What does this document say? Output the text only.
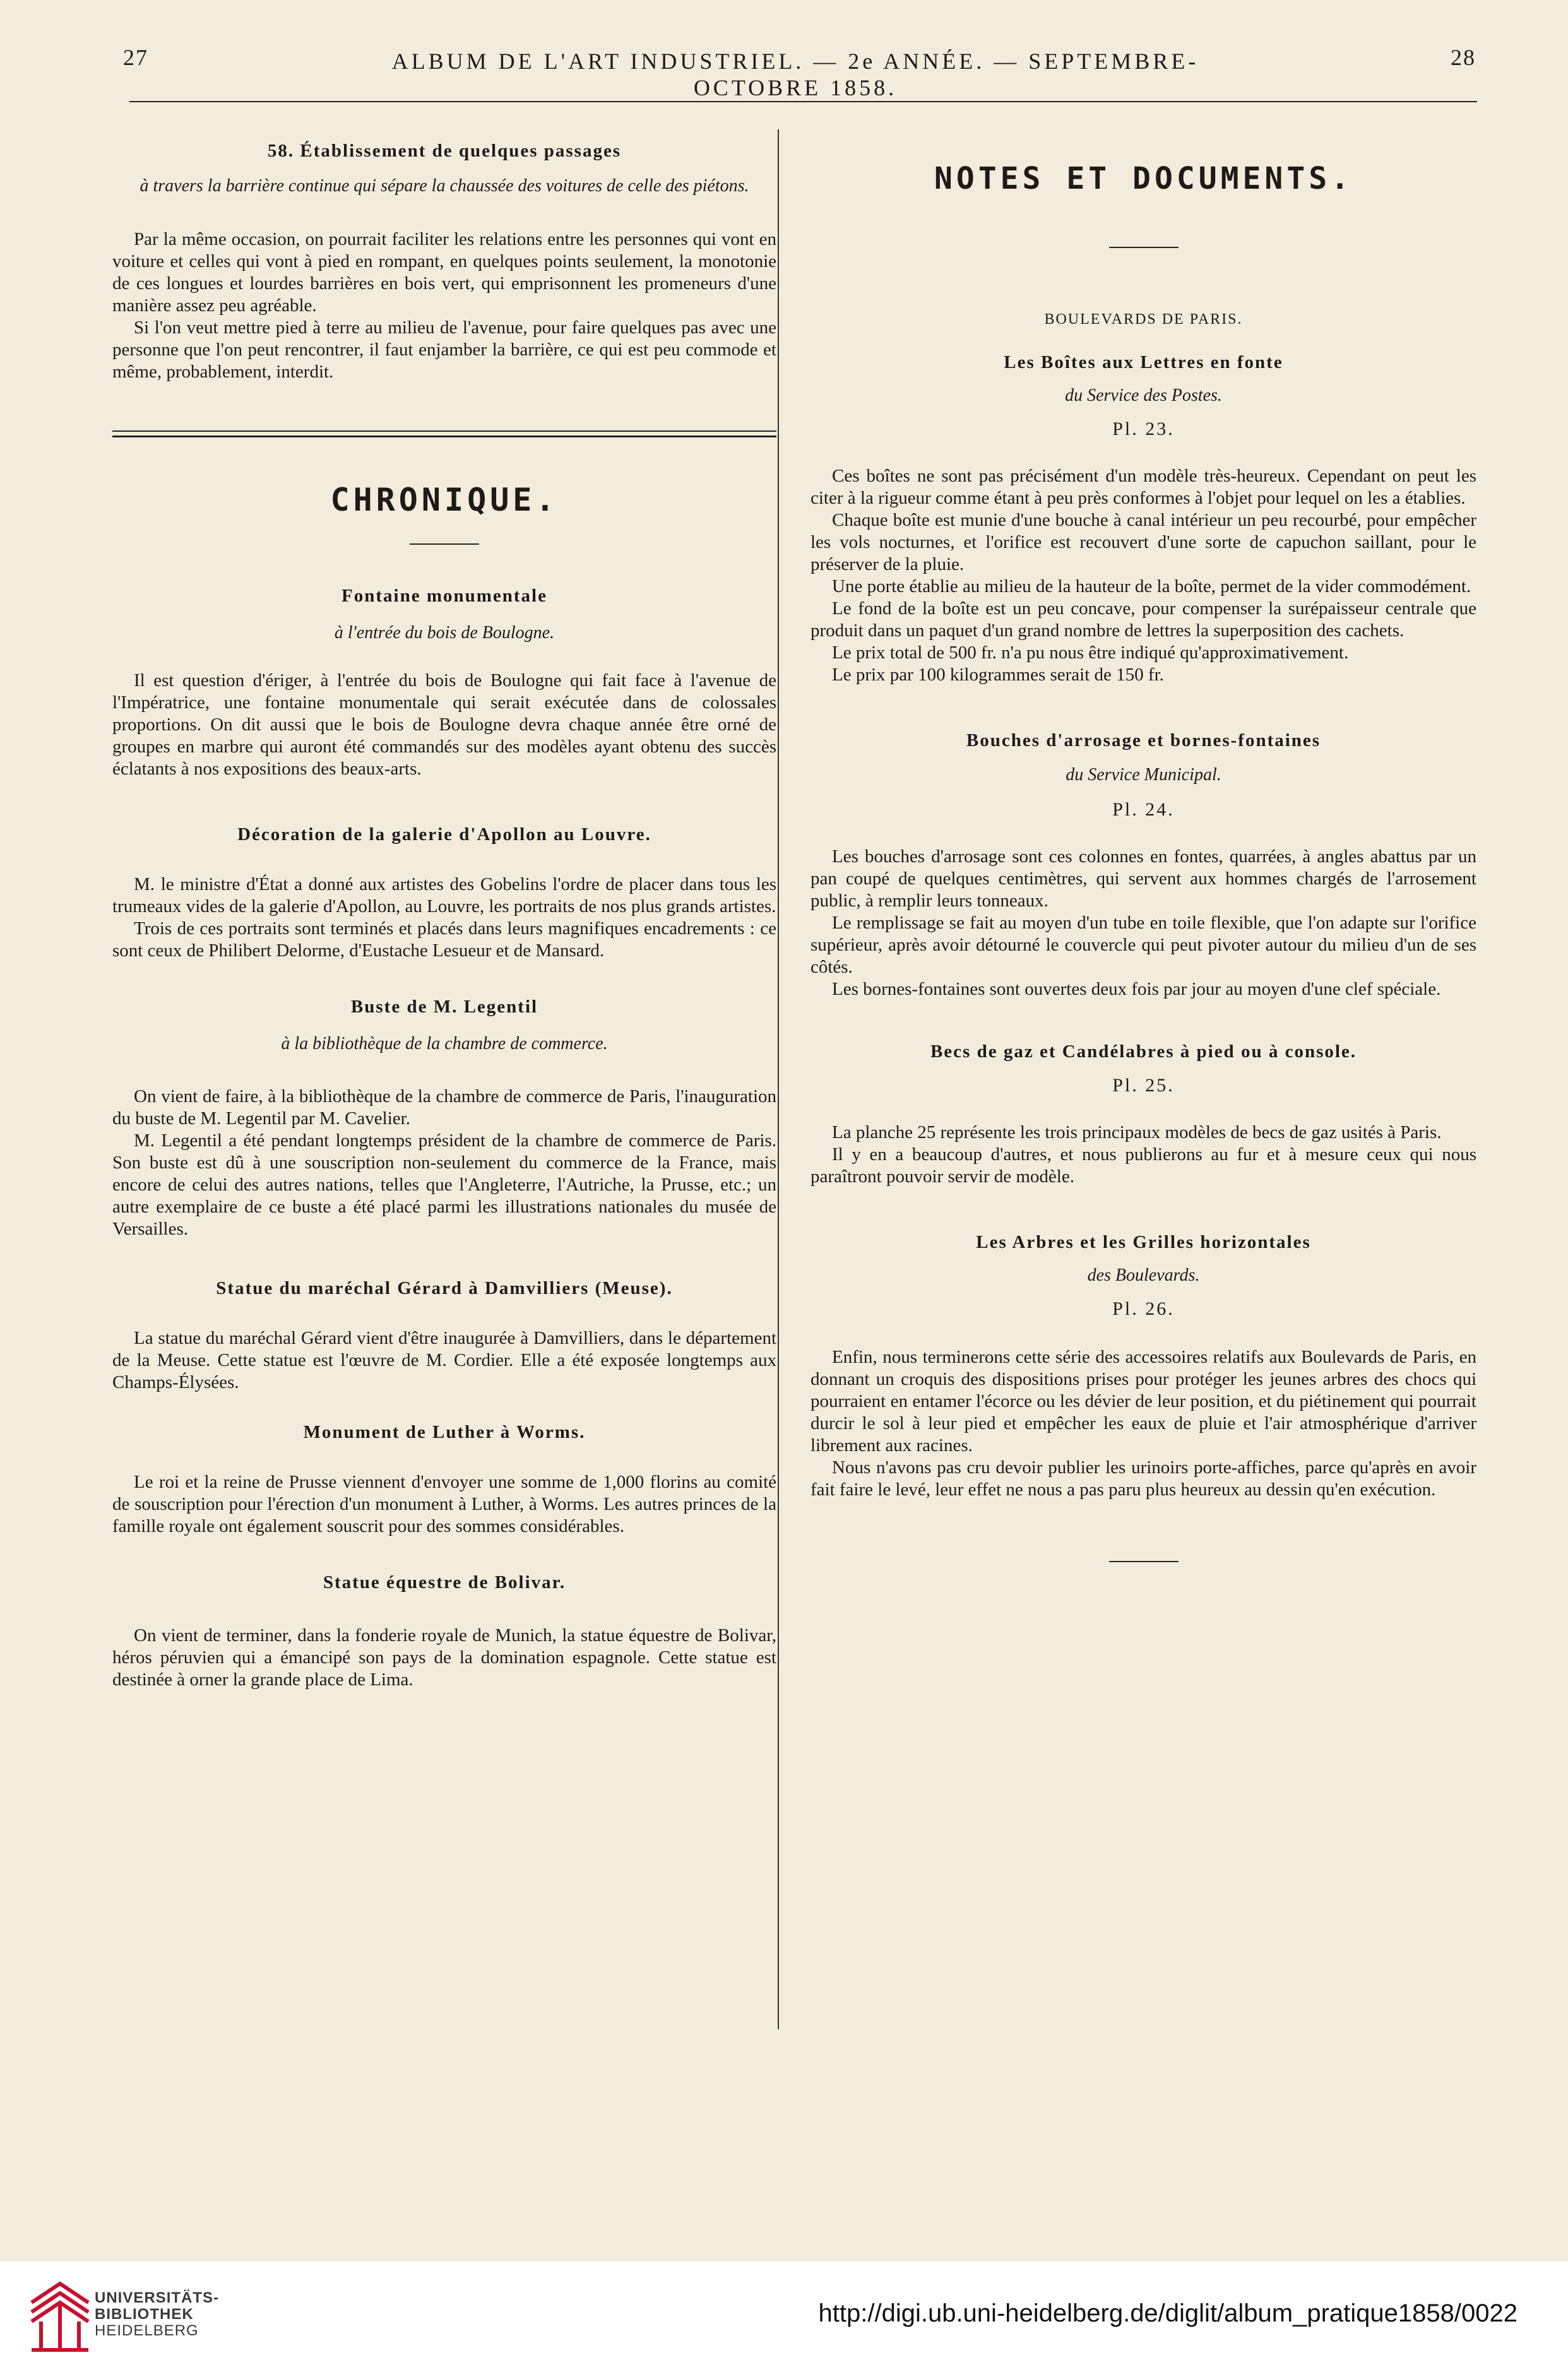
27	ALBUM DE L'ART INDUSTRIEL. — 2e ANNÉE. — SEPTEMBRE-OCTOBRE 1858.
28
58. Établissement de quelques passages

à travers la barrière continue qui sépare la chaussée des voitures de celle des piétons.

Par la même occasion, on pourrait faciliter les relations entre les personnes qui vont en voiture et celles qui vont à pied en rompant, en quelques points seulement, la monotonie de ces longues et lourdes barrières en bois vert, qui emprisonnent les promeneurs d'une manière assez peu agréable.

Si l'on veut mettre pied à terre au milieu de l'avenue, pour faire quelques pas avec une personne que l'on peut rencontrer, il faut enjamber la barrière, ce qui est peu commode et même, probablement, interdit.

CHRONIQUE.
Fontaine monumentale

à l'entrée du bois de Boulogne.

Il est question d'ériger, à l'entrée du bois de Boulogne qui fait face à l'avenue de l'Impératrice, une fontaine monumentale qui serait exécutée dans de colossales proportions. On dit aussi que le bois de Boulogne devra chaque année être orné de groupes en marbre qui auront été commandés sur des modèles ayant obtenu des succès éclatants à nos expositions des beaux-arts.

Décoration de la galerie d'Apollon au Louvre.

M. le ministre d'État a donné aux artistes des Gobelins l'ordre de placer dans tous les trumeaux vides de la galerie d'Apollon, au Louvre, les portraits de nos plus grands artistes.

Trois de ces portraits sont terminés et placés dans leurs magnifiques encadrements : ce sont ceux de Philibert Delorme, d'Eustache Lesueur et de Mansard.

Buste de M. Legentil

à la bibliothèque de la chambre de commerce.

On vient de faire, à la bibliothèque de la chambre de commerce de Paris, l'inauguration du buste de M. Legentil par M. Cavelier.

M. Legentil a été pendant longtemps président de la chambre de commerce de Paris. Son buste est dû à une souscription non-seulement du commerce de la France, mais encore de celui des autres nations, telles que l'Angleterre, l'Autriche, la Prusse, etc.; un autre exemplaire de ce buste a été placé parmi les illustrations nationales du musée de Versailles.

Statue du maréchal Gérard à Damvilliers (Meuse).

La statue du maréchal Gérard vient d'être inaugurée à Damvilliers, dans le département de la Meuse. Cette statue est l'œuvre de M. Cordier. Elle a été exposée longtemps aux Champs-Élysées.

Monument de Luther à Worms.

Le roi et la reine de Prusse viennent d'envoyer une somme de 1,000 florins au comité de souscription pour l'érection d'un monument à Luther, à Worms. Les autres princes de la famille royale ont également souscrit pour des sommes considérables.

Statue équestre de Bolivar.

On vient de terminer, dans la fonderie royale de Munich, la statue équestre de Bolivar, héros péruvien qui a émancipé son pays de la domination espagnole. Cette statue est destinée à orner la grande place de Lima.

NOTES ET DOCUMENTS.

BOULEVARDS DE PARIS.

Les Boîtes aux Lettres en fonte

du Service des Postes.

Pl. 23.

Ces boîtes ne sont pas précisément d'un modèle très-heureux. Cependant on peut les citer à la rigueur comme étant à peu près conformes à l'objet pour lequel on les a établies.

Chaque boîte est munie d'une bouche à canal intérieur un peu recourbé, pour empêcher les vols nocturnes, et l'orifice est recouvert d'une sorte de capuchon saillant, pour le préserver de la pluie.

Une porte établie au milieu de la hauteur de la boîte, permet de la vider commodément.

Le fond de la boîte est un peu concave, pour compenser la surépaisseur centrale que produit dans un paquet d'un grand nombre de lettres la superposition des cachets.

Le prix total de 500 fr. n'a pu nous être indiqué qu'approximativement.

Le prix par 100 kilogrammes serait de 150 fr.

Bouches d'arrosage et bornes-fontaines

du Service Municipal.

Pl. 24.

Les bouches d'arrosage sont ces colonnes en fontes, quarrées, à angles abattus par un pan coupé de quelques centimètres, qui servent aux hommes chargés de l'arrosement public, à remplir leurs tonneaux.

Le remplissage se fait au moyen d'un tube en toile flexible, que l'on adapte sur l'orifice supérieur, après avoir détourné le couvercle qui peut pivoter autour du milieu d'un de ses côtés.

Les bornes-fontaines sont ouvertes deux fois par jour au moyen d'une clef spéciale.

Becs de gaz et Candélabres à pied ou à console.

Pl. 25.

La planche 25 représente les trois principaux modèles de becs de gaz usités à Paris.

Il y en a beaucoup d'autres, et nous publierons au fur et à mesure ceux qui nous paraîtront pouvoir servir de modèle.

Les Arbres et les Grilles horizontales

des Boulevards.

Pl. 26.

Enfin, nous terminerons cette série des accessoires relatifs aux Boulevards de Paris, en donnant un croquis des dispositions prises pour protéger les jeunes arbres des chocs qui pourraient en entamer l'écorce ou les dévier de leur position, et du piétinement qui pourrait durcir le sol à leur pied et empêcher les eaux de pluie et l'air atmosphérique d'arriver librement aux racines.

Nous n'avons pas cru devoir publier les urinoirs porte-affiches, parce qu'après en avoir fait faire le levé, leur effet ne nous a pas paru plus heureux au dessin qu'en exécution.

UNIVERSITÄTS-
BIBLIOTHEK
HEIDELBERG
http://digi.ub.uni-heidelberg.de/diglit/album_pratique1858/0022
